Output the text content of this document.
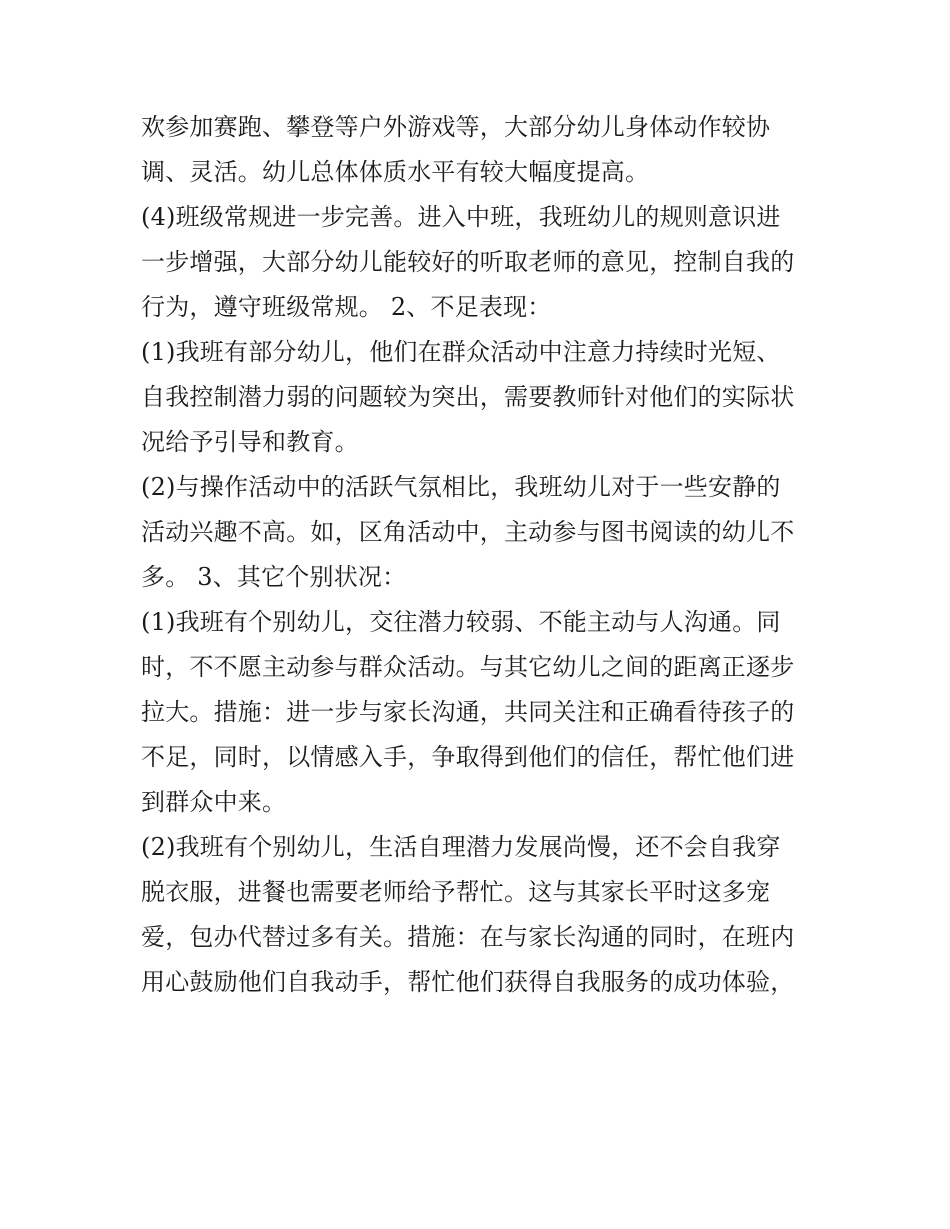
欢参加赛跑、攀登等户外游戏等，大部分幼儿身体动作较协
调、灵活。幼儿总体体质水平有较大幅度提高。
(4)班级常规进一步完善。进入中班，我班幼儿的规则意识进
一步增强，大部分幼儿能较好的听取老师的意见，控制自我的
行为，遵守班级常规。 2、不足表现：
(1)我班有部分幼儿，他们在群众活动中注意力持续时光短、
自我控制潜力弱的问题较为突出，需要教师针对他们的实际状
况给予引导和教育。
(2)与操作活动中的活跃气氛相比，我班幼儿对于一些安静的
活动兴趣不高。如，区角活动中，主动参与图书阅读的幼儿不
多。 3、其它个别状况：
(1)我班有个别幼儿，交往潜力较弱、不能主动与人沟通。同
时，不不愿主动参与群众活动。与其它幼儿之间的距离正逐步
拉大。措施：进一步与家长沟通，共同关注和正确看待孩子的
不足，同时，以情感入手，争取得到他们的信任，帮忙他们进
到群众中来。
(2)我班有个别幼儿，生活自理潜力发展尚慢，还不会自我穿
脱衣服，进餐也需要老师给予帮忙。这与其家长平时这多宠
爱，包办代替过多有关。措施：在与家长沟通的同时，在班内
用心鼓励他们自我动手，帮忙他们获得自我服务的成功体验，
